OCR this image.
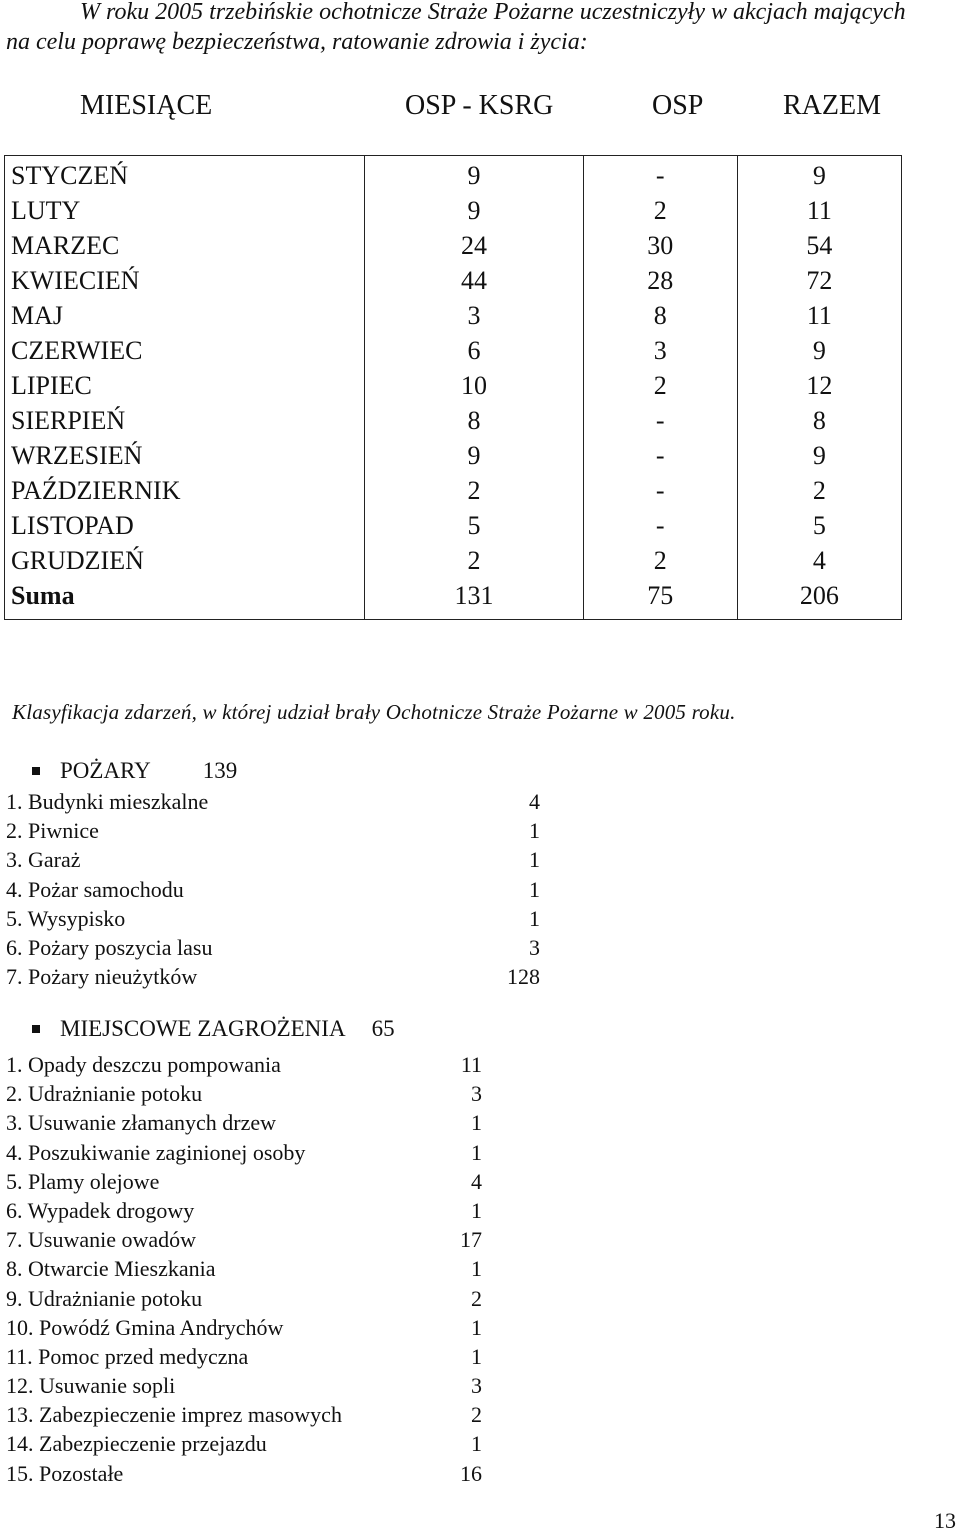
W roku 2005 trzebińskie ochotnicze Straże Pożarne uczestniczyły w akcjach mających
na celu poprawę bezpieczeństwa, ratowanie zdrowia i życia:
MIESIĄCE	OSP - KSRG	OSP	RAZEM
STYCZEŃ	9	-	9
LUTY	9	2	11
MARZEC	24	30	54
KWIECIEŃ	44	28	72
MAJ	3	8	11
CZERWIEC	6	3	9
LIPIEC	10	2	12
SIERPIEŃ	8	-	8
WRZESIEŃ	9	-	9
PAŹDZIERNIK	2	-	2
LISTOPAD	5	-	5
GRUDZIEŃ	2	2	4
Suma	131	75	206
Klasyfikacja zdarzeń, w której udział brały Ochotnicze Straże Pożarne w 2005 roku.
POŻARY 139
1. Budynki mieszkalne	4
2. Piwnice	1
3. Garaż	1
4. Pożar samochodu	1
5. Wysypisko	1
6. Pożary poszycia lasu	3
7. Pożary nieużytków	128
MIEJSCOWE ZAGROŻENIA 65
1. Opady deszczu pompowania	11
2. Udrażnianie potoku	3
3. Usuwanie złamanych drzew	1
4. Poszukiwanie zaginionej osoby	1
5. Plamy olejowe	4
6. Wypadek drogowy	1
7. Usuwanie owadów	17
8. Otwarcie Mieszkania	1
9. Udrażnianie potoku	2
10. Powódź Gmina Andrychów	1
11. Pomoc przed medyczna	1
12. Usuwanie sopli	3
13. Zabezpieczenie imprez masowych	2
14. Zabezpieczenie przejazdu	1
15. Pozostałe	16
13
